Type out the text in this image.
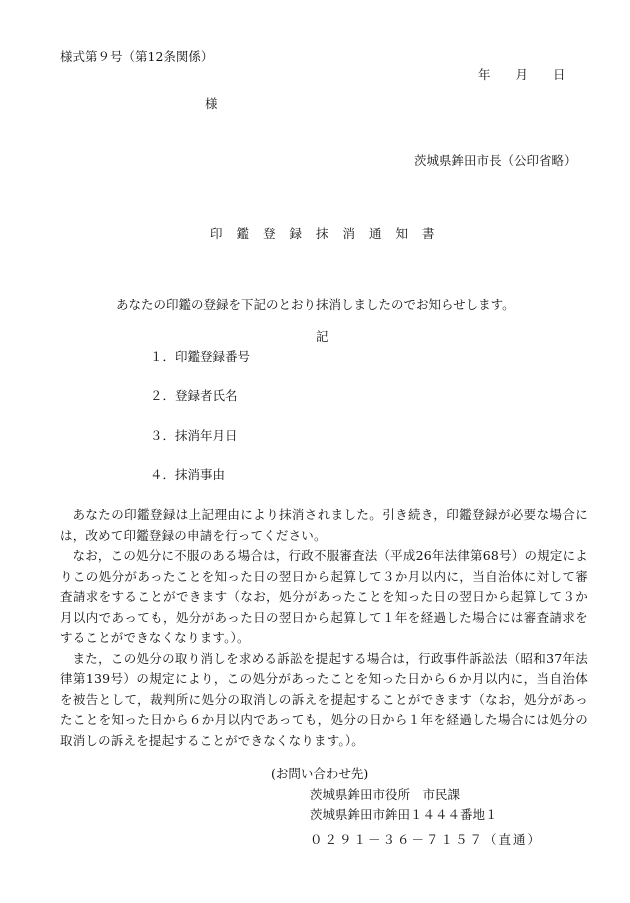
様式第９号（第12条関係）
年　　月　　日
様
茨城県鉾田市長（公印省略）
印鑑登録抹消通知書
あなたの印鑑の登録を下記のとおり抹消しましたのでお知らせします。
記
１．印鑑登録番号
２．登録者氏名
３．抹消年月日
４．抹消事由

あなたの印鑑登録は上記理由により抹消されました。引き続き，印鑑登録が必要な場合には，改めて印鑑登録の申請を行ってください。

なお，この処分に不服のある場合は，行政不服審査法（平成26年法律第68号）の規定によりこの処分があったことを知った日の翌日から起算して３か月以内に，当自治体に対して審査請求をすることができます（なお，処分があったことを知った日の翌日から起算して３か月以内であっても，処分があった日の翌日から起算して１年を経過した場合には審査請求をすることができなくなります。）。

また，この処分の取り消しを求める訴訟を提起する場合は，行政事件訴訟法（昭和37年法律第139号）の規定により，この処分があったことを知った日から６か月以内に，当自治体を被告として，裁判所に処分の取消しの訴えを提起することができます（なお，処分があったことを知った日から６か月以内であっても，処分の日から１年を経過した場合には処分の取消しの訴えを提起することができなくなります。）。

(お問い合わせ先)
茨城県鉾田市役所　市民課
茨城県鉾田市鉾田１４４４番地１
０２９１－３６－７１５７（直通）
